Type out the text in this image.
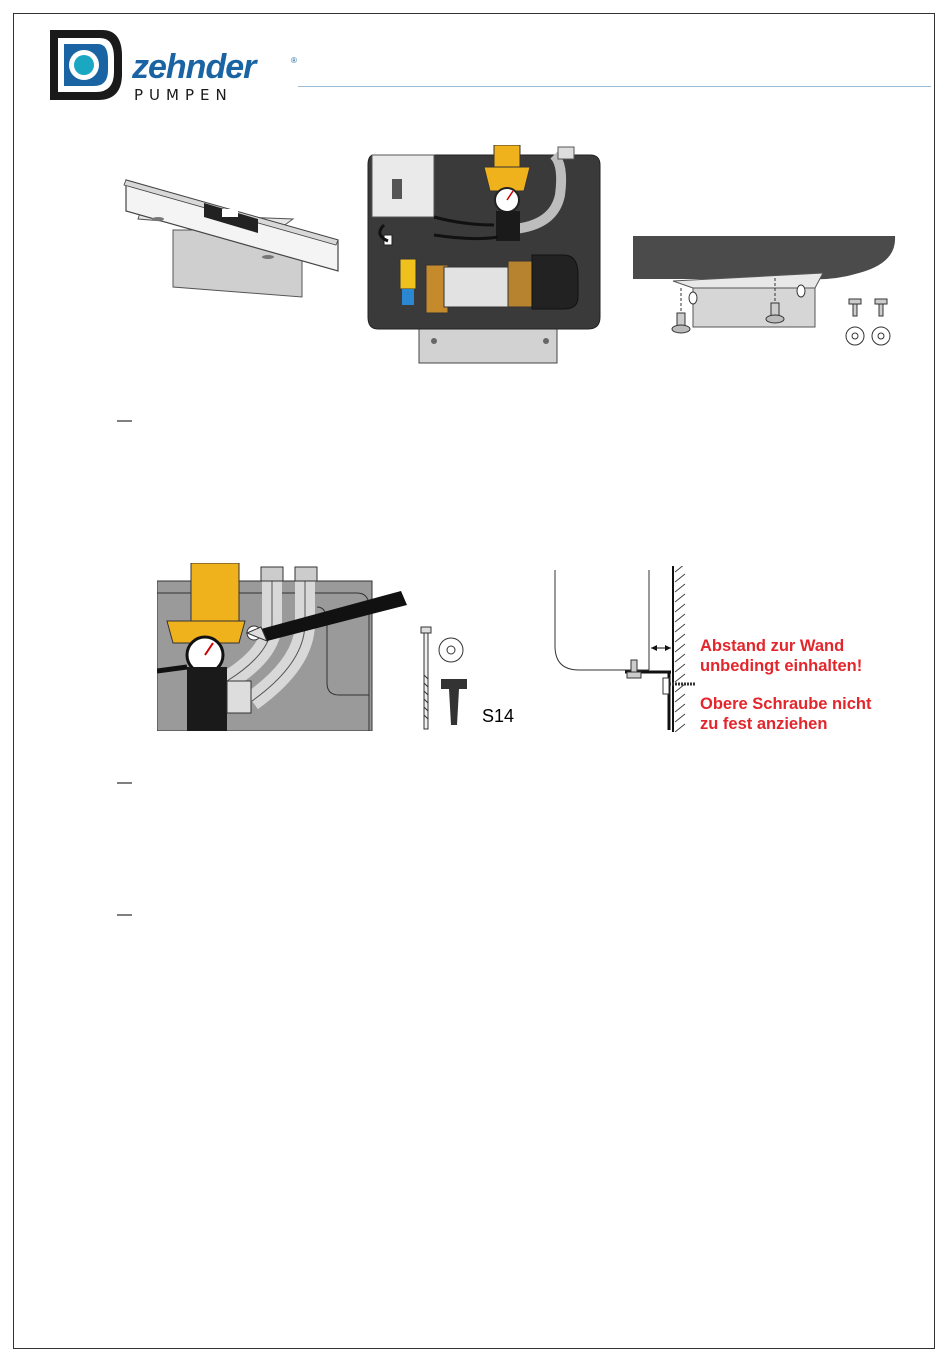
zehnder	®
PUMPEN
—
S14
Abstand zur Wand
unbedingt einhalten!
Obere Schraube nicht
zu fest anziehen
—
—
